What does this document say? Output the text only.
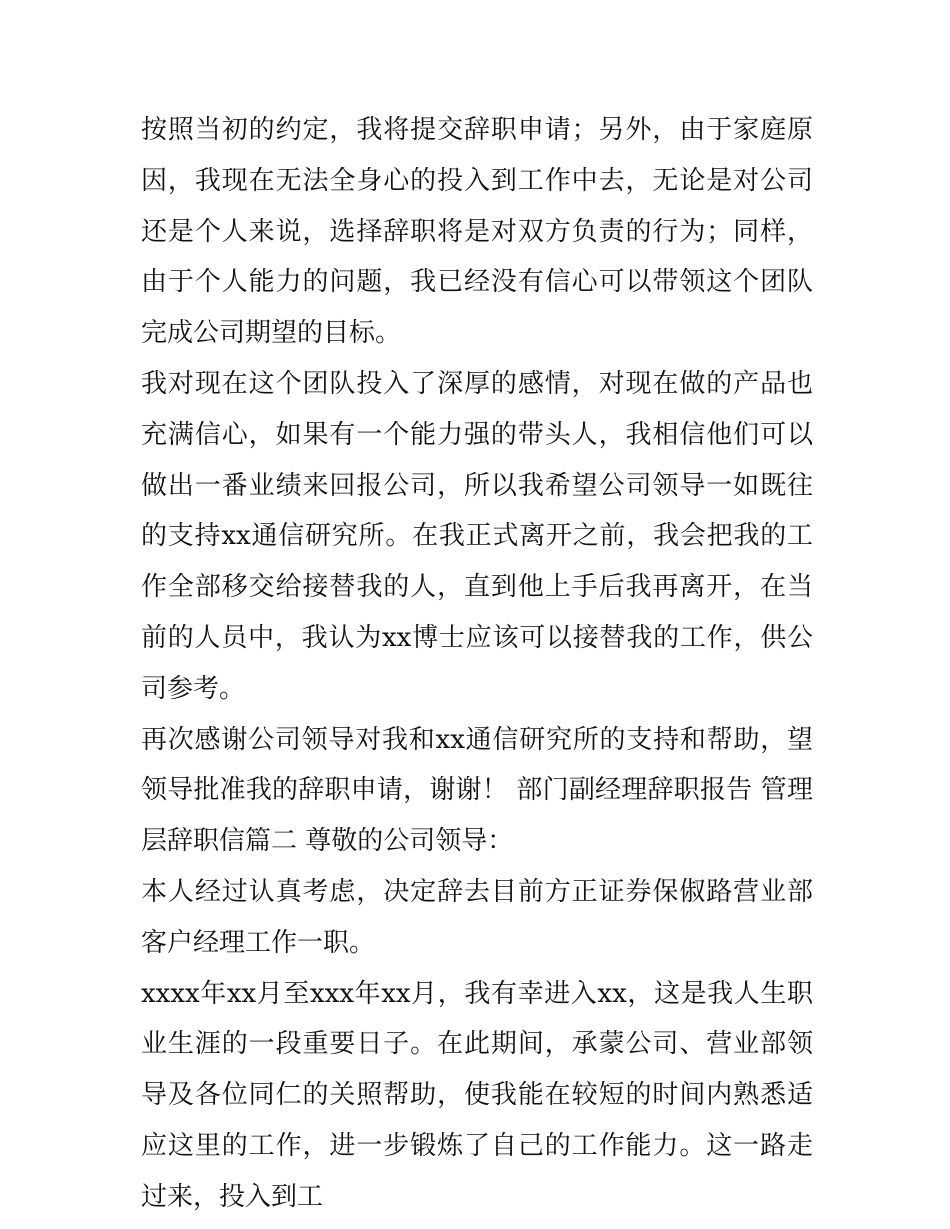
按照当初的约定，我将提交辞职申请；另外，由于家庭原因，我现在无法全身心的投入到工作中去，无论是对公司还是个人来说，选择辞职将是对双方负责的行为；同样，由于个人能力的问题，我已经没有信心可以带领这个团队完成公司期望的目标。

我对现在这个团队投入了深厚的感情，对现在做的产品也充满信心，如果有一个能力强的带头人，我相信他们可以做出一番业绩来回报公司，所以我希望公司领导一如既往的支持xx通信研究所。在我正式离开之前，我会把我的工作全部移交给接替我的人，直到他上手后我再离开，在当前的人员中，我认为xx博士应该可以接替我的工作，供公司参考。

再次感谢公司领导对我和xx通信研究所的支持和帮助，望领导批准我的辞职申请，谢谢！ 部门副经理辞职报告 管理层辞职信篇二 尊敬的公司领导：

本人经过认真考虑，决定辞去目前方正证券保俶路营业部客户经理工作一职。

xxxx年xx月至xxx年xx月，我有幸进入xx，这是我人生职业生涯的一段重要日子。在此期间，承蒙公司、营业部领导及各位同仁的关照帮助，使我能在较短的时间内熟悉适应这里的工作，进一步锻炼了自己的工作能力。这一路走过来，投入到工
